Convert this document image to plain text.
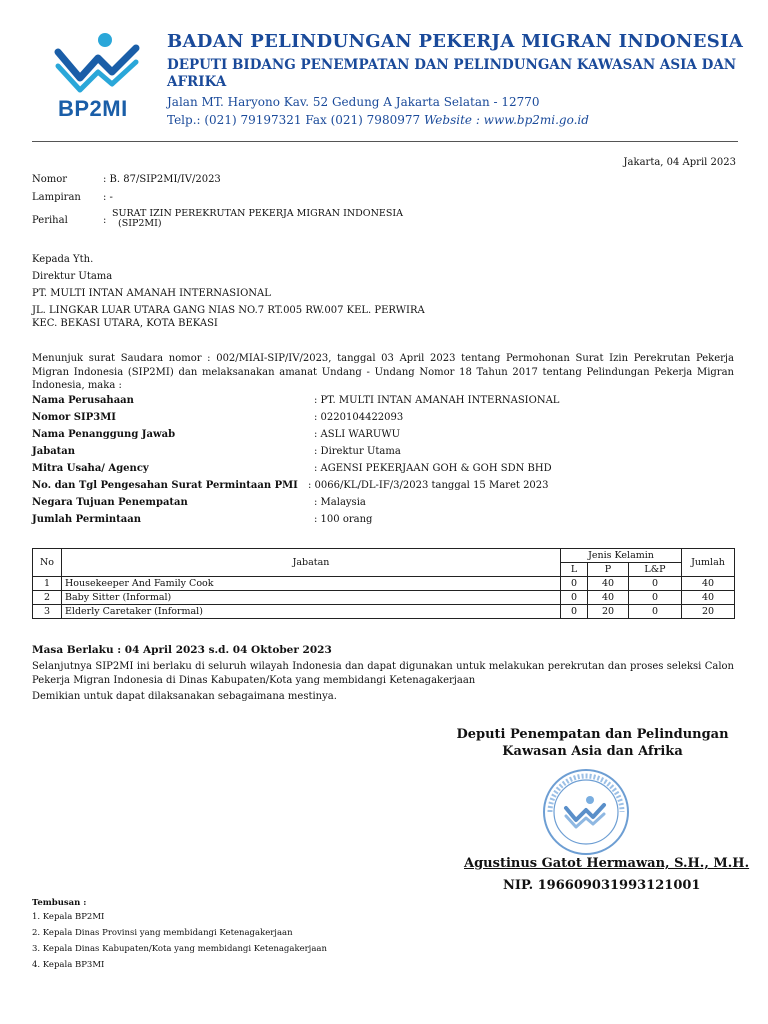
BP2MI
BADAN PELINDUNGAN PEKERJA MIGRAN INDONESIA
DEPUTI BIDANG PENEMPATAN DAN PELINDUNGAN KAWASAN ASIA DAN AFRIKA
Jalan MT. Haryono Kav. 52 Gedung A Jakarta Selatan - 12770
Telp.: (021) 79197321 Fax (021) 7980977 Website : www.bp2mi.go.id
Jakarta, 04 April 2023
Nomor	: B. 87/SIP2MI/IV/2023
Lampiran : -
Perihal	:
SURAT IZIN PEREKRUTAN PEKERJA MIGRAN INDONESIA
(SIP2MI)
Kepada Yth.
Direktur Utama
PT. MULTI INTAN AMANAH INTERNASIONAL
JL. LINGKAR LUAR UTARA GANG NIAS NO.7 RT.005 RW.007 KEL. PERWIRA
KEC. BEKASI UTARA, KOTA BEKASI
Menunjuk surat Saudara nomor : 002/MIAI-SIP/IV/2023, tanggal 03 April 2023 tentang Permohonan Surat Izin Perekrutan Pekerja Migran Indonesia (SIP2MI) dan melaksanakan amanat Undang - Undang Nomor 18 Tahun 2017 tentang Pelindungan Pekerja Migran Indonesia, maka :
Nama Perusahaan	: PT. MULTI INTAN AMANAH INTERNASIONAL
Nomor SIP3MI	: 0220104422093
Nama Penanggung Jawab	: ASLI WARUWU
Jabatan	: Direktur Utama
Mitra Usaha/ Agency	: AGENSI PEKERJAAN GOH & GOH SDN BHD
No. dan Tgl Pengesahan Surat Permintaan PMI : 0066/KL/DL-IF/3/2023 tanggal 15 Maret 2023
Negara Tujuan Penempatan	: Malaysia
Jumlah Permintaan	: 100 orang
No	Jabatan	Jenis Kelamin			Jumlah
		L	P	L&P	
1	Housekeeper And Family Cook	0	40	0	40
2	Baby Sitter (Informal)	0	40	0	40
3	Elderly Caretaker (Informal)	0	20	0	20
Masa Berlaku : 04 April 2023 s.d. 04 Oktober 2023
Selanjutnya SIP2MI ini berlaku di seluruh wilayah Indonesia dan dapat digunakan untuk melakukan perekrutan dan proses seleksi Calon Pekerja Migran Indonesia di Dinas Kabupaten/Kota yang membidangi Ketenagakerjaan
Demikian untuk dapat dilaksanakan sebagaimana mestinya.
Deputi Penempatan dan Pelindungan
Kawasan Asia dan Afrika
Agustinus Gatot Hermawan, S.H., M.H.
NIP. 196609031993121001
Tembusan :
1. Kepala BP2MI
2. Kepala Dinas Provinsi yang membidangi Ketenagakerjaan
3. Kepala Dinas Kabupaten/Kota yang membidangi Ketenagakerjaan
4. Kepala BP3MI
